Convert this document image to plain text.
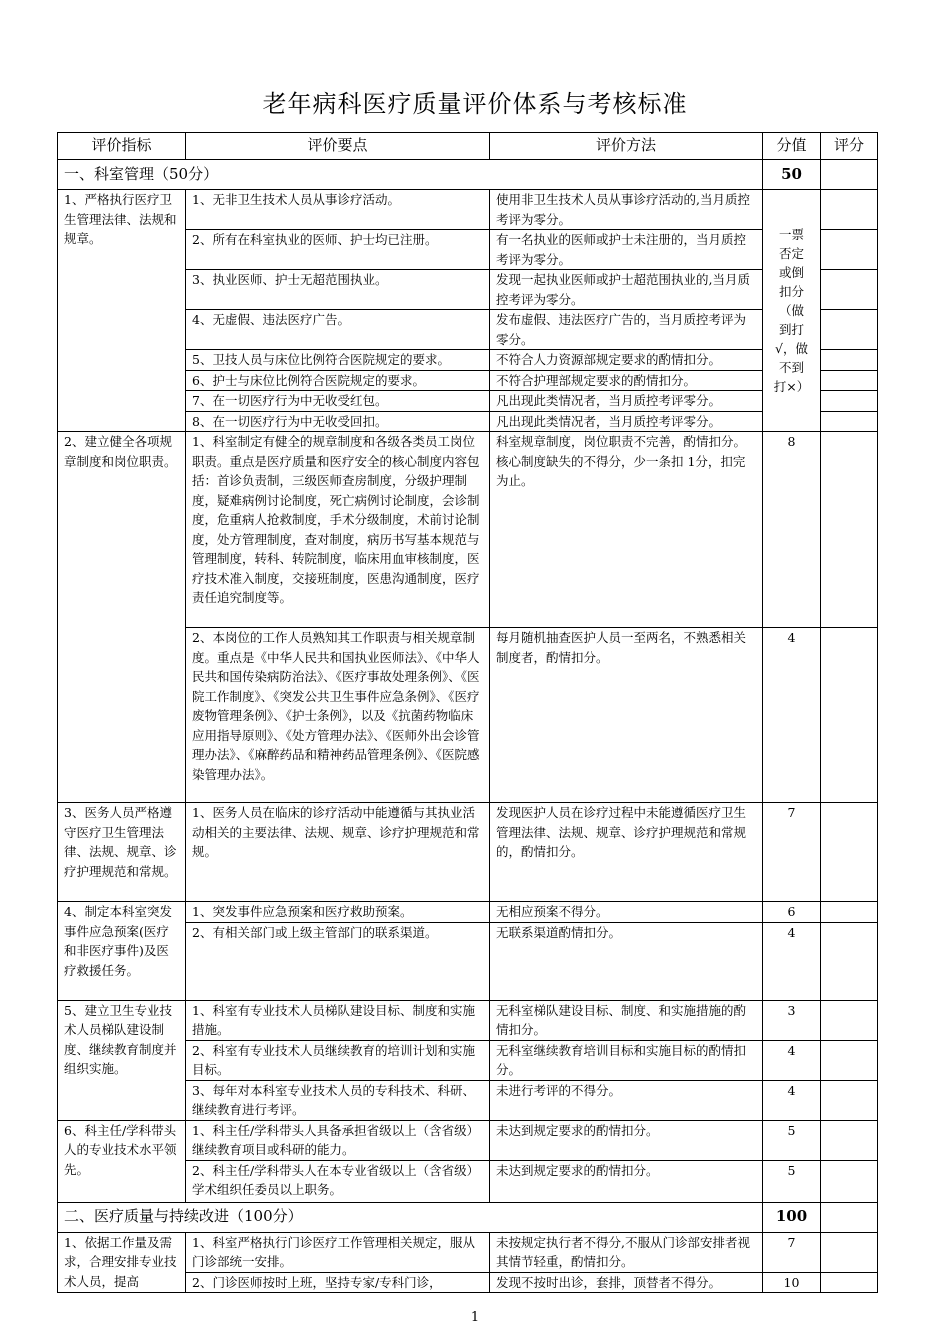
老年病科医疗质量评价体系与考核标准
评价指标	评价要点	评价方法	分值	评分
一、科室管理（50分）			50	
1、严格执行医疗卫生管理法律、法规和规章。	1、无非卫生技术人员从事诊疗活动。	使用非卫生技术人员从事诊疗活动的,当月质控考评为零分。	一票否定或倒扣分（做到打√，做不到打×）	
	2、所有在科室执业的医师、护士均已注册。	有一名执业的医师或护士未注册的，当月质控考评为零分。		
	3、执业医师、护士无超范围执业。	发现一起执业医师或护士超范围执业的,当月质控考评为零分。		
	4、无虚假、违法医疗广告。	发布虚假、违法医疗广告的，当月质控考评为零分。		
	5、卫技人员与床位比例符合医院规定的要求。	不符合人力资源部规定要求的酌情扣分。		
	6、护士与床位比例符合医院规定的要求。	不符合护理部规定要求的酌情扣分。		
	7、在一切医疗行为中无收受红包。	凡出现此类情况者，当月质控考评零分。		
	8、在一切医疗行为中无收受回扣。	凡出现此类情况者，当月质控考评零分。		
2、建立健全各项规章制度和岗位职责。	1、科室制定有健全的规章制度和各级各类员工岗位职责。重点是医疗质量和医疗安全的核心制度内容包括：首诊负责制，三级医师查房制度，分级护理制度，疑难病例讨论制度，死亡病例讨论制度，会诊制度，危重病人抢救制度，手术分级制度，术前讨论制度，处方管理制度，查对制度，病历书写基本规范与管理制度，转科、转院制度，临床用血审核制度，医疗技术准入制度，交接班制度，医患沟通制度，医疗责任追究制度等。	科室规章制度，岗位职责不完善，酌情扣分。核心制度缺失的不得分，少一条扣 1分，扣完为止。	8	
	2、本岗位的工作人员熟知其工作职责与相关规章制度。重点是《中华人民共和国执业医师法》、《中华人民共和国传染病防治法》、《医疗事故处理条例》、《医院工作制度》、《突发公共卫生事件应急条例》、《医疗废物管理条例》、《护士条例》，以及《抗菌药物临床应用指导原则》、《处方管理办法》、《医师外出会诊管理办法》、《麻醉药品和精神药品管理条例》、《医院感染管理办法》。	每月随机抽查医护人员一至两名，不熟悉相关制度者，酌情扣分。	4	
3、医务人员严格遵守医疗卫生管理法律、法规、规章、诊疗护理规范和常规。	1、医务人员在临床的诊疗活动中能遵循与其执业活动相关的主要法律、法规、规章、诊疗护理规范和常规。	发现医护人员在诊疗过程中未能遵循医疗卫生管理法律、法规、规章、诊疗护理规范和常规的，酌情扣分。	7	
4、制定本科室突发事件应急预案(医疗和非医疗事件)及医疗救援任务。	1、突发事件应急预案和医疗救助预案。	无相应预案不得分。	6	
	2、有相关部门或上级主管部门的联系渠道。	无联系渠道酌情扣分。	4	
5、建立卫生专业技术人员梯队建设制度、继续教育制度并组织实施。	1、科室有专业技术人员梯队建设目标、制度和实施措施。	无科室梯队建设目标、制度、和实施措施的酌情扣分。	3	
	2、科室有专业技术人员继续教育的培训计划和实施目标。	无科室继续教育培训目标和实施目标的酌情扣分。	4	
	3、每年对本科室专业技术人员的专科技术、科研、继续教育进行考评。	未进行考评的不得分。	4	
6、科主任/学科带头人的专业技术水平领先。	1、科主任/学科带头人具备承担省级以上（含省级）继续教育项目或科研的能力。	未达到规定要求的酌情扣分。	5	
	2、科主任/学科带头人在本专业省级以上（含省级）学术组织任委员以上职务。	未达到规定要求的酌情扣分。	5	
二、医疗质量与持续改进（100分）			100	
1、依据工作量及需求，合理安排专业技术人员，提高	1、科室严格执行门诊医疗工作管理相关规定，服从门诊部统一安排。	未按规定执行者不得分,不服从门诊部安排者视其情节轻重，酌情扣分。	7	
	2、门诊医师按时上班，坚持专家/专科门诊，	发现不按时出诊，套排，顶替者不得分。	10	
1
